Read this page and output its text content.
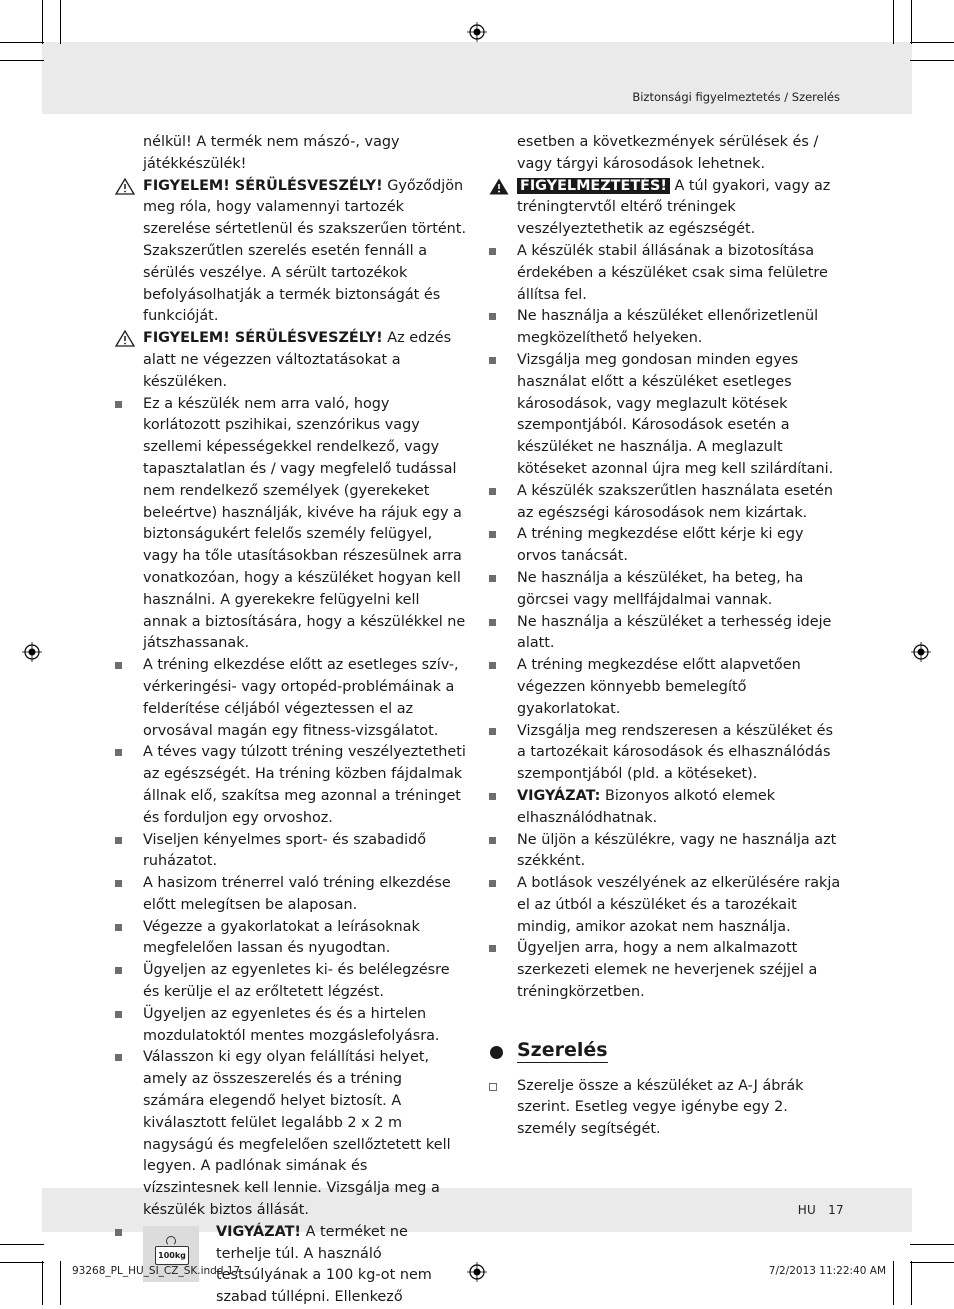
Biztonsági figyelmeztetés / Szerelés

nélkül! A termék nem mászó-, vagy játékkészülék!

FIGYELEM! SÉRÜLÉSVESZÉLY! Győződjön meg róla, hogy valamennyi tartozék szerelése sértetlenül és szakszerűen történt. Szakszerűtlen szerelés esetén fennáll a sérülés veszélye. A sérült tartozékok befolyásolhatják a termék biztonságát és funkcióját.

FIGYELEM! SÉRÜLÉSVESZÉLY! Az edzés alatt ne végezzen változtatásokat a készüléken.

Ez a készülék nem arra való, hogy korlátozott pszihikai, szenzórikus vagy szellemi képességekkel rendelkező, vagy tapasztalatlan és / vagy megfelelő tudással nem rendelkező személyek (gyerekeket beleértve) használják, kivéve ha rájuk egy a biztonságukért felelős személy felügyel, vagy ha tőle utasításokban részesülnek arra vonatkozóan, hogy a készüléket hogyan kell használni. A gyerekekre felügyelni kell annak a biztosítására, hogy a készülékkel ne játszhassanak.

A tréning elkezdése előtt az esetleges szív-, vérkeringési- vagy ortopéd-problémáinak a felderítése céljából végeztessen el az orvosával magán egy fitness-vizsgálatot.

A téves vagy túlzott tréning veszélyeztetheti az egészségét. Ha tréning közben fájdalmak állnak elő, szakítsa meg azonnal a tréninget és forduljon egy orvoshoz.

Viseljen kényelmes sport- és szabadidő ruházatot.

A hasizom trénerrel való tréning elkezdése előtt melegítsen be alaposan.

Végezze a gyakorlatokat a leírásoknak megfelelően lassan és nyugodtan.

Ügyeljen az egyenletes ki- és belélegzésre és kerülje el az erőltetett légzést.

Ügyeljen az egyenletes és és a hirtelen mozdulatoktól mentes mozgáslefolyásra.

Válasszon ki egy olyan felállítási helyet, amely az összeszerelés és a tréning számára elegendő helyet biztosít. A kiválasztott felület legalább 2 x 2 m nagyságú és megfelelően szellőztetett kell legyen. A padlónak simának és vízszintesnek kell lennie. Vizsgálja meg a készülék biztos állását.

100kg
VIGYÁZAT! A terméket ne terhelje túl. A használó testsúlyának a 100 kg-ot nem szabad túllépni. Ellenkező

esetben a következmények sérülések és / vagy tárgyi károsodások lehetnek.

FIGYELMEZTETÉS! A túl gyakori, vagy az tréningtervtől eltérő tréningek veszélyeztethetik az egészségét.

A készülék stabil állásának a bizotosítása érdekében a készüléket csak sima felületre állítsa fel.

Ne használja a készüléket ellenőrizetlenül megközelíthető helyeken.

Vizsgálja meg gondosan minden egyes használat előtt a készüléket esetleges károsodások, vagy meglazult kötések szempontjából. Károsodások esetén a készüléket ne használja. A meglazult kötéseket azonnal újra meg kell szilárdítani.

A készülék szakszerűtlen használata esetén az egészségi károsodások nem kizártak.

A tréning megkezdése előtt kérje ki egy orvos tanácsát.

Ne használja a készüléket, ha beteg, ha görcsei vagy mellfájdalmai vannak.

Ne használja a készüléket a terhesség ideje alatt.

A tréning megkezdése előtt alapvetően végezzen könnyebb bemelegítő gyakorlatokat.

Vizsgálja meg rendszeresen a készüléket és a tartozékait károsodások és elhasználódás szempontjából (pld. a kötéseket).

VIGYÁZAT: Bizonyos alkotó elemek elhasználódhatnak.

Ne üljön a készülékre, vagy ne használja azt székként.

A botlások veszélyének az elkerülésére rakja el az útból a készüléket és a tarozékait mindig, amikor azokat nem használja.

Ügyeljen arra, hogy a nem alkalmazott szerkezeti elemek ne heverjenek széjjel a tréningkörzetben.

Szerelés

Szerelje össze a készüléket az A-J ábrák szerint. Esetleg vegye igénybe egy 2. személy segítségét.

HU 17
93268_PL_HU_SI_CZ_SK.indd 17	7/2/2013 11:22:40 AM
